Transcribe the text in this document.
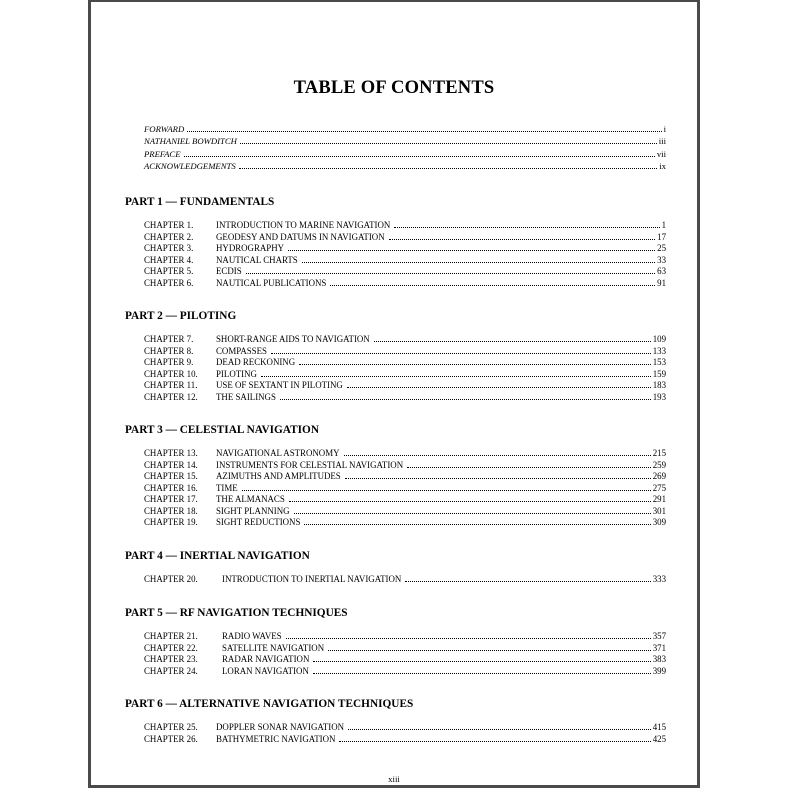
TABLE OF CONTENTS
FORWARD	i
NATHANIEL BOWDITCH	iii
PREFACE	vii
ACKNOWLEDGEMENTS	ix
PART 1 — FUNDAMENTALS
CHAPTER 1.	INTRODUCTION TO MARINE NAVIGATION	1
CHAPTER 2.	GEODESY AND DATUMS IN NAVIGATION	17
CHAPTER 3.	HYDROGRAPHY	25
CHAPTER 4.	NAUTICAL CHARTS	33
CHAPTER 5.	ECDIS	63
CHAPTER 6.	NAUTICAL PUBLICATIONS	91
PART 2 — PILOTING
CHAPTER 7.	SHORT-RANGE AIDS TO NAVIGATION	109
CHAPTER 8.	COMPASSES	133
CHAPTER 9.	DEAD RECKONING	153
CHAPTER 10.	PILOTING	159
CHAPTER 11.	USE OF SEXTANT IN PILOTING	183
CHAPTER 12.	THE SAILINGS	193
PART 3 — CELESTIAL NAVIGATION
CHAPTER 13.	NAVIGATIONAL ASTRONOMY	215
CHAPTER 14.	INSTRUMENTS FOR CELESTIAL NAVIGATION	259
CHAPTER 15.	AZIMUTHS AND AMPLITUDES	269
CHAPTER 16.	TIME	275
CHAPTER 17.	THE ALMANACS	291
CHAPTER 18.	SIGHT PLANNING	301
CHAPTER 19.	SIGHT REDUCTIONS	309
PART 4 — INERTIAL NAVIGATION
CHAPTER 20.	INTRODUCTION TO INERTIAL NAVIGATION	333
PART 5 — RF NAVIGATION TECHNIQUES
CHAPTER 21.	RADIO WAVES	357
CHAPTER 22.	SATELLITE NAVIGATION	371
CHAPTER 23.	RADAR NAVIGATION	383
CHAPTER 24.	LORAN NAVIGATION	399
PART 6 — ALTERNATIVE NAVIGATION TECHNIQUES
CHAPTER 25.	DOPPLER SONAR NAVIGATION	415
CHAPTER 26.	BATHYMETRIC NAVIGATION	425
xiii
